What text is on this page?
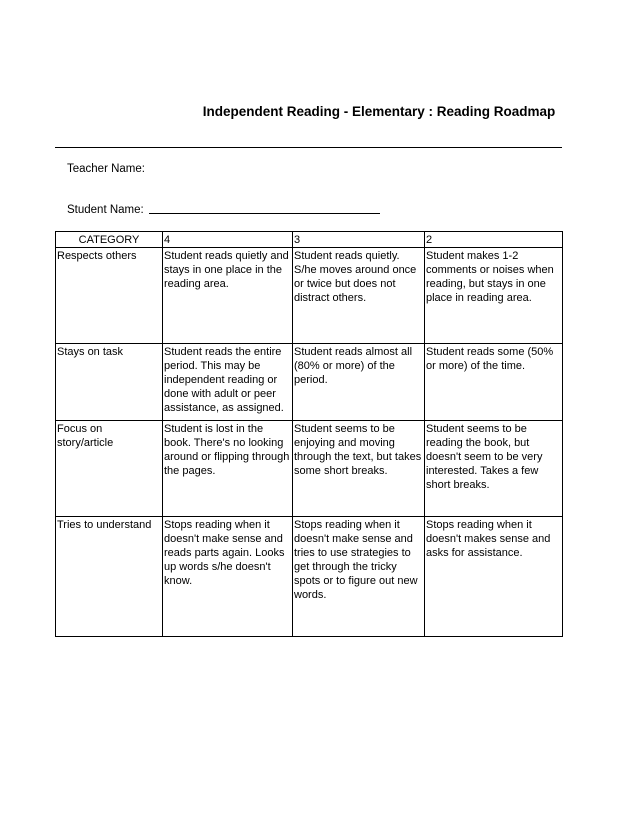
Independent Reading - Elementary : Reading Roadmap
Teacher Name:
Student Name:
CATEGORY	4	3	2
Respects others	Student reads quietly and stays in one place in the reading area.	Student reads quietly. S/he moves around once or twice but does not distract others.	Student makes 1-2 comments or noises when reading, but stays in one place in reading area.
Stays on task	Student reads the entire period. This may be independent reading or done with adult or peer assistance, as assigned.	Student reads almost all (80% or more) of the period.	Student reads some (50% or more) of the time.
Focus on story/article	Student is lost in the book. There's no looking around or flipping through the pages.	Student seems to be enjoying and moving through the text, but takes some short breaks.	Student seems to be reading the book, but doesn't seem to be very interested. Takes a few short breaks.
Tries to understand	Stops reading when it doesn't make sense and reads parts again. Looks up words s/he doesn't know.	Stops reading when it doesn't make sense and tries to use strategies to get through the tricky spots or to figure out new words.	Stops reading when it doesn't makes sense and asks for assistance.
